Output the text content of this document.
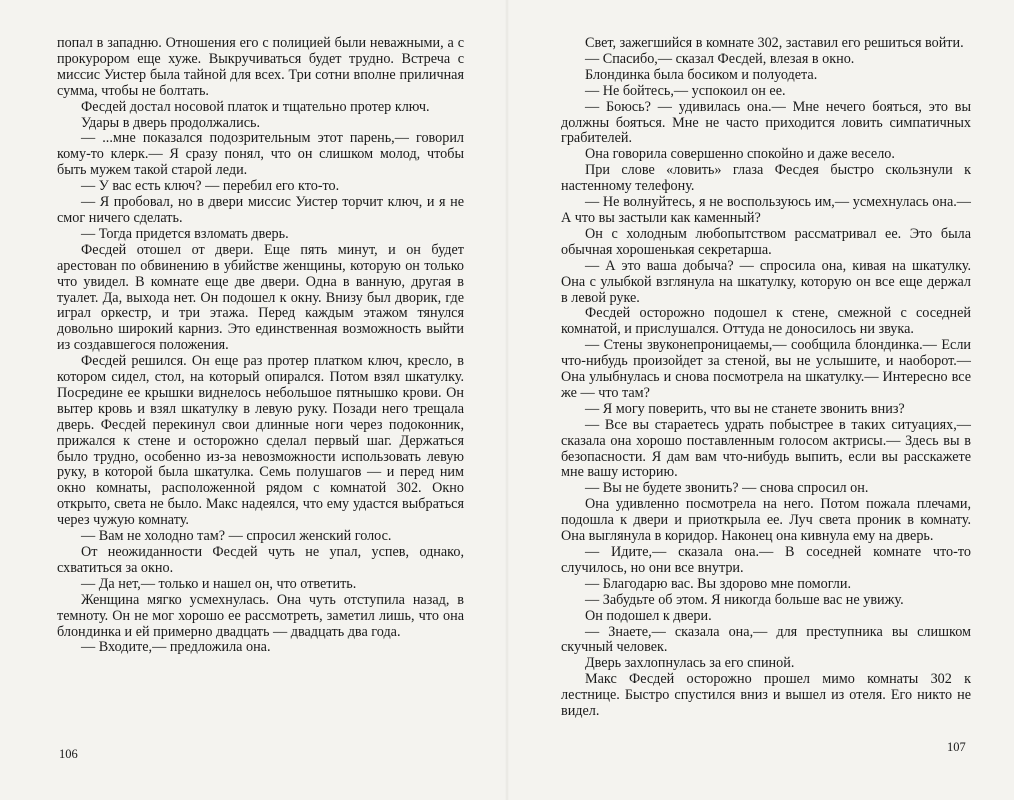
попал в западню. Отношения его с полицией были неважными, а с прокурором еще хуже. Выкручиваться будет трудно. Встреча с миссис Уистер была тайной для всех. Три сотни вполне приличная сумма, чтобы не болтать.

Фесдей достал носовой платок и тщательно протер ключ.

Удары в дверь продолжались.

— ...мне показался подозрительным этот парень,— говорил кому-то клерк.— Я сразу понял, что он слишком молод, чтобы быть мужем такой старой леди.

— У вас есть ключ? — перебил его кто-то.

— Я пробовал, но в двери миссис Уистер торчит ключ, и я не смог ничего сделать.

— Тогда придется взломать дверь.

Фесдей отошел от двери. Еще пять минут, и он будет арестован по обвинению в убийстве женщины, которую он только что увидел. В комнате еще две двери. Одна в ванную, другая в туалет. Да, выхода нет. Он подошел к окну. Внизу был дворик, где играл оркестр, и три этажа. Перед каждым этажом тянулся довольно широкий карниз. Это единственная возможность выйти из создавшегося положения.

Фесдей решился. Он еще раз протер платком ключ, кресло, в котором сидел, стол, на который опирался. Потом взял шкатулку. Посредине ее крышки виднелось небольшое пятнышко крови. Он вытер кровь и взял шкатулку в левую руку. Позади него трещала дверь. Фесдей перекинул свои длинные ноги через подоконник, прижался к стене и осторожно сделал первый шаг. Держаться было трудно, особенно из-за невозможности использовать левую руку, в которой была шкатулка. Семь полушагов — и перед ним окно комнаты, расположенной рядом с комнатой 302. Окно открыто, света не было. Макс надеялся, что ему удастся выбраться через чужую комнату.

— Вам не холодно там? — спросил женский голос.

От неожиданности Фесдей чуть не упал, успев, однако, схватиться за окно.

— Да нет,— только и нашел он, что ответить.

Женщина мягко усмехнулась. Она чуть отступила назад, в темноту. Он не мог хорошо ее рассмотреть, заметил лишь, что она блондинка и ей примерно двадцать — двадцать два года.

— Входите,— предложила она.

106

Свет, зажегшийся в комнате 302, заставил его решиться войти.

— Спасибо,— сказал Фесдей, влезая в окно.

Блондинка была босиком и полуодета.

— Не бойтесь,— успокоил он ее.

— Боюсь? — удивилась она.— Мне нечего бояться, это вы должны бояться. Мне не часто приходится ловить симпатичных грабителей.

Она говорила совершенно спокойно и даже весело.

При слове «ловить» глаза Фесдея быстро скользнули к настенному телефону.

— Не волнуйтесь, я не воспользуюсь им,— усмехнулась она.— А что вы застыли как каменный?

Он с холодным любопытством рассматривал ее. Это была обычная хорошенькая секретарша.

— А это ваша добыча? — спросила она, кивая на шкатулку. Она с улыбкой взглянула на шкатулку, которую он все еще держал в левой руке.

Фесдей осторожно подошел к стене, смежной с соседней комнатой, и прислушался. Оттуда не доносилось ни звука.

— Стены звуконепроницаемы,— сообщила блондинка.— Если что-нибудь произойдет за стеной, вы не услышите, и наоборот.— Она улыбнулась и снова посмотрела на шкатулку.— Интересно все же — что там?

— Я могу поверить, что вы не станете звонить вниз?

— Все вы стараетесь удрать побыстрее в таких ситуациях,— сказала она хорошо поставленным голосом актрисы.— Здесь вы в безопасности. Я дам вам что-нибудь выпить, если вы расскажете мне вашу историю.

— Вы не будете звонить? — снова спросил он.

Она удивленно посмотрела на него. Потом пожала плечами, подошла к двери и приоткрыла ее. Луч света проник в комнату. Она выглянула в коридор. Наконец она кивнула ему на дверь.

— Идите,— сказала она.— В соседней комнате что-то случилось, но они все внутри.

— Благодарю вас. Вы здорово мне помогли.

— Забудьте об этом. Я никогда больше вас не увижу.

Он подошел к двери.

— Знаете,— сказала она,— для преступника вы слишком скучный человек.

Дверь захлопнулась за его спиной.

Макс Фесдей осторожно прошел мимо комнаты 302 к лестнице. Быстро спустился вниз и вышел из отеля. Его никто не видел.

107
